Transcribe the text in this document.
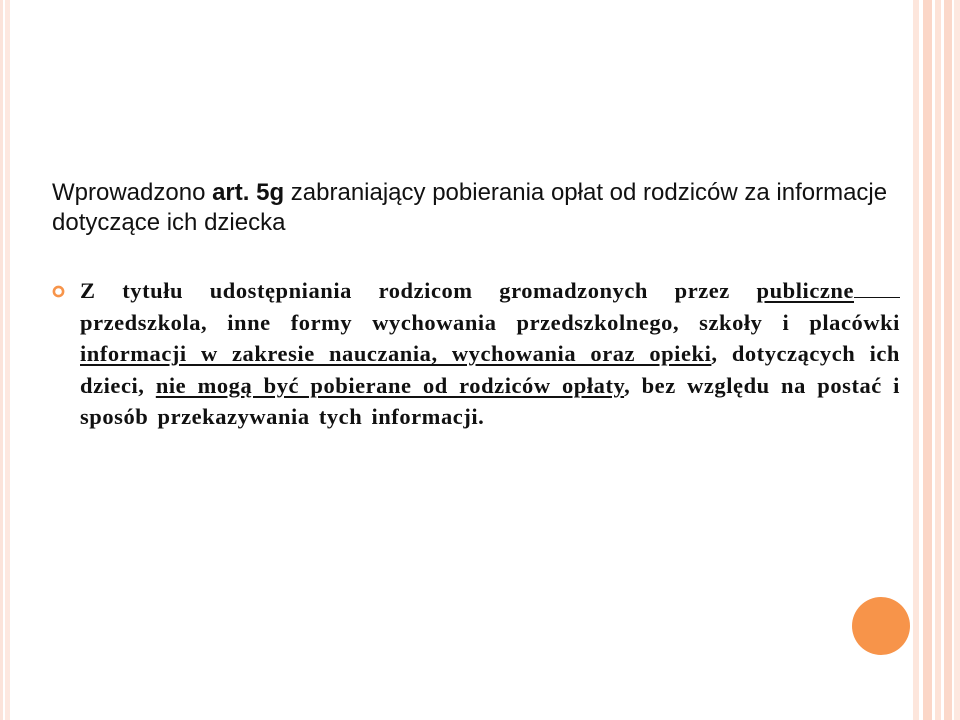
Wprowadzono art. 5g zabraniający pobierania opłat od rodziców za informacje dotyczące ich dziecka
Z tytułu udostępniania rodzicom gromadzonych przez publiczneprzedszkola, inne formy wychowania przedszkolnego, szkoły i placówki informacji w zakresie nauczania, wychowania oraz opieki, dotyczących ich dzieci, nie mogą być pobierane od rodziców opłaty, bez względu na postać i sposób przekazywania tych informacji.
